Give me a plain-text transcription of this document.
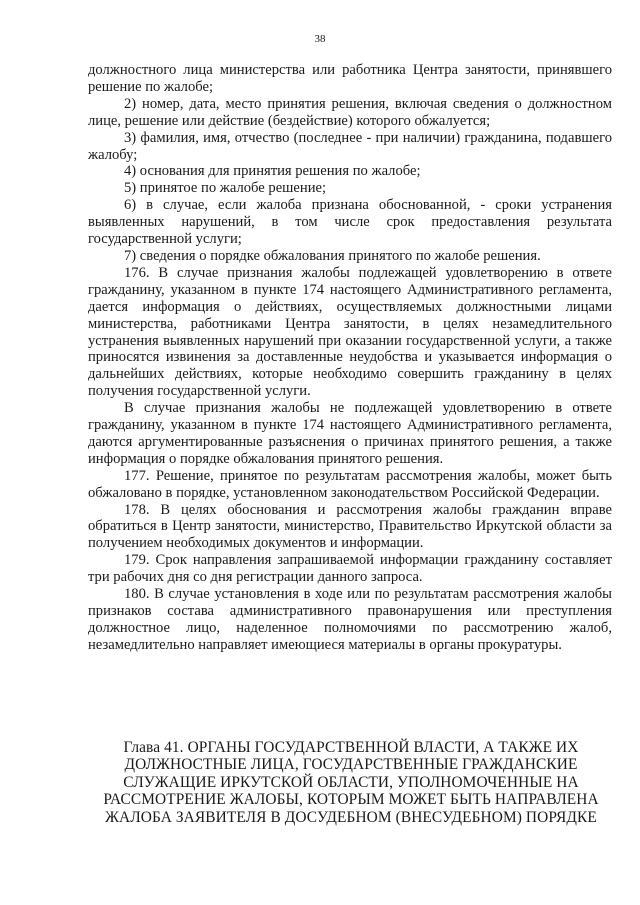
38

должностного лица министерства или работника Центра занятости, принявшего решение по жалобе;

2) номер, дата, место принятия решения, включая сведения о должностном лице, решение или действие (бездействие) которого обжалуется;

3) фамилия, имя, отчество (последнее - при наличии) гражданина, подавшего жалобу;

4) основания для принятия решения по жалобе;

5) принятое по жалобе решение;

6) в случае, если жалоба признана обоснованной, - сроки устранения выявленных нарушений, в том числе срок предоставления результата государственной услуги;

7) сведения о порядке обжалования принятого по жалобе решения.

176. В случае признания жалобы подлежащей удовлетворению в ответе гражданину, указанном в пункте 174 настоящего Административного регламента, дается информация о действиях, осуществляемых должностными лицами министерства, работниками Центра занятости, в целях незамедлительного устранения выявленных нарушений при оказании государственной услуги, а также приносятся извинения за доставленные неудобства и указывается информация о дальнейших действиях, которые необходимо совершить гражданину в целях получения государственной услуги.

В случае признания жалобы не подлежащей удовлетворению в ответе гражданину, указанном в пункте 174 настоящего Административного регламента, даются аргументированные разъяснения о причинах принятого решения, а также информация о порядке обжалования принятого решения.

177. Решение, принятое по результатам рассмотрения жалобы, может быть обжаловано в порядке, установленном законодательством Российской Федерации.

178. В целях обоснования и рассмотрения жалобы гражданин вправе обратиться в Центр занятости, министерство, Правительство Иркутской области за получением необходимых документов и информации.

179. Срок направления запрашиваемой информации гражданину составляет три рабочих дня со дня регистрации данного запроса.

180. В случае установления в ходе или по результатам рассмотрения жалобы признаков состава административного правонарушения или преступления должностное лицо, наделенное полномочиями по рассмотрению жалоб, незамедлительно направляет имеющиеся материалы в органы прокуратуры.

Глава 41. ОРГАНЫ ГОСУДАРСТВЕННОЙ ВЛАСТИ, А ТАКЖЕ ИХ ДОЛЖНОСТНЫЕ ЛИЦА, ГОСУДАРСТВЕННЫЕ ГРАЖДАНСКИЕ СЛУЖАЩИЕ ИРКУТСКОЙ ОБЛАСТИ, УПОЛНОМОЧЕННЫЕ НА РАССМОТРЕНИЕ ЖАЛОБЫ, КОТОРЫМ МОЖЕТ БЫТЬ НАПРАВЛЕНА ЖАЛОБА ЗАЯВИТЕЛЯ В ДОСУДЕБНОМ (ВНЕСУДЕБНОМ) ПОРЯДКЕ
